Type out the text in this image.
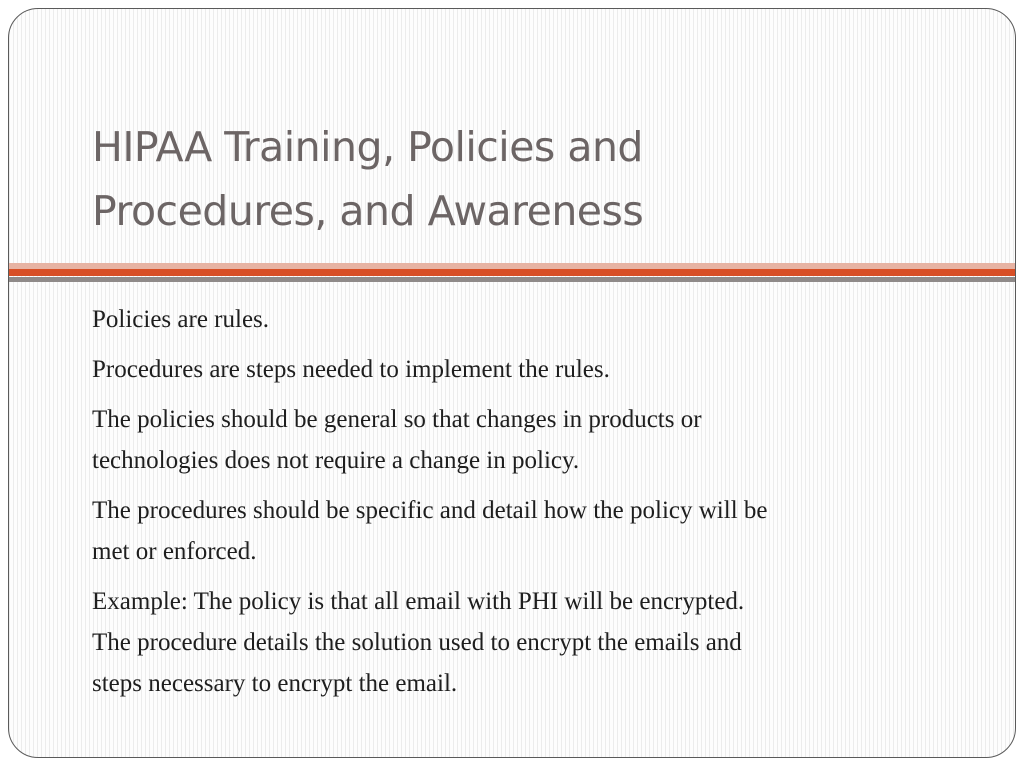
HIPAA Training, Policies and
Procedures, and Awareness
Policies are rules.
Procedures are steps needed to implement the rules.
The policies should be general so that changes in products or
technologies does not require a change in policy.
The procedures should be specific and detail how the policy will be
met or enforced.
Example: The policy is that all email with PHI will be encrypted.
The procedure details the solution used to encrypt the emails and
steps necessary to encrypt the email.
